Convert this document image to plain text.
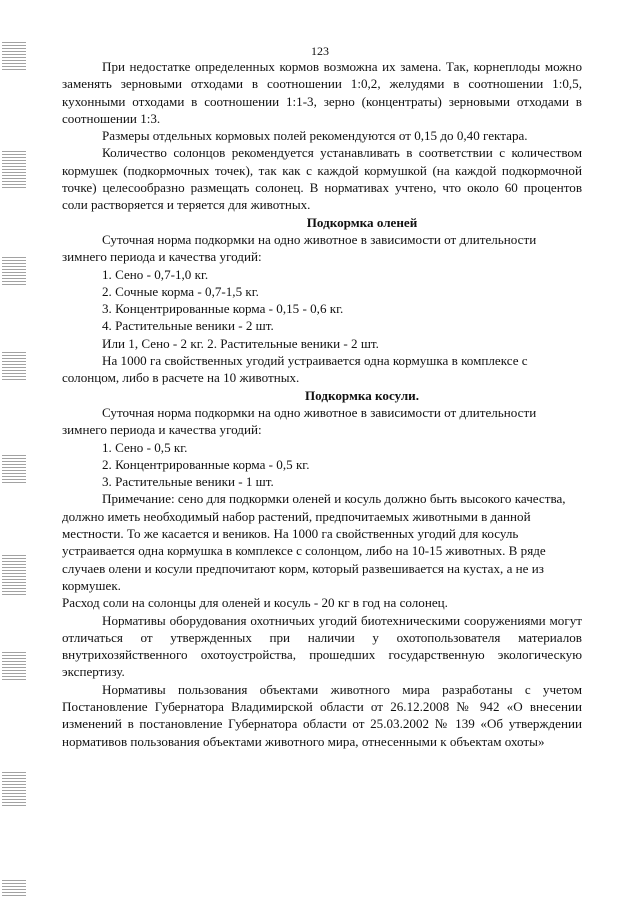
123

При недостатке определенных кормов возможна их замена. Так, корнеплоды можно заменять зерновыми отходами в соотношении 1:0,2, желудями в соотношении 1:0,5, кухонными отходами в соотношении 1:1-3, зерно (концентраты) зерновыми отходами в соотношении 1:3.

Размеры отдельных кормовых полей рекомендуются от 0,15 до 0,40 гектара.

Количество солонцов рекомендуется устанавливать в соответствии с количеством кормушек (подкормочных точек), так как с каждой кормушкой (на каждой подкормочной точке) целесообразно размещать солонец. В нормативах учтено, что около 60 процентов соли растворяется и теряется для животных.

Подкормка оленей

Суточная норма подкормки на одно животное в зависимости от длительности зимнего периода и качества угодий:

1. Сено - 0,7-1,0 кг.

2. Сочные корма - 0,7-1,5 кг.

3. Концентрированные корма - 0,15 - 0,6 кг.

4. Растительные веники - 2 шт.

Или 1, Сено - 2 кг. 2. Растительные веники - 2 шт.

На 1000 га свойственных угодий устраивается одна кормушка в комплексе с солонцом, либо в расчете на 10 животных.

Подкормка косули.

Суточная норма подкормки на одно животное в зависимости от длительности зимнего периода и качества угодий:

1. Сено - 0,5 кг.

2. Концентрированные корма - 0,5 кг.

3. Растительные веники - 1 шт.

Примечание: сено для подкормки оленей и косуль должно быть высокого качества, должно иметь необходимый набор растений, предпочитаемых животными в данной местности. То же касается и веников. На 1000 га свойственных угодий для косуль устраивается одна кормушка в комплексе с солонцом, либо на 10-15 животных. В ряде случаев олени и косули предпочитают корм, который развешивается на кустах, а не из кормушек.

Расход соли на солонцы для оленей и косуль - 20 кг в год на солонец.

Нормативы оборудования охотничьих угодий биотехническими сооружениями могут отличаться от утвержденных при наличии у охотопользователя материалов внутрихозяйственного охотоустройства, прошедших государственную экологическую экспертизу.

Нормативы пользования объектами животного мира разработаны с учетом Постановление Губернатора Владимирской области от 26.12.2008 № 942 «О внесении изменений в постановление Губернатора области от 25.03.2002 № 139 «Об утверждении нормативов пользования объектами животного мира, отнесенными к объектам охоты»
